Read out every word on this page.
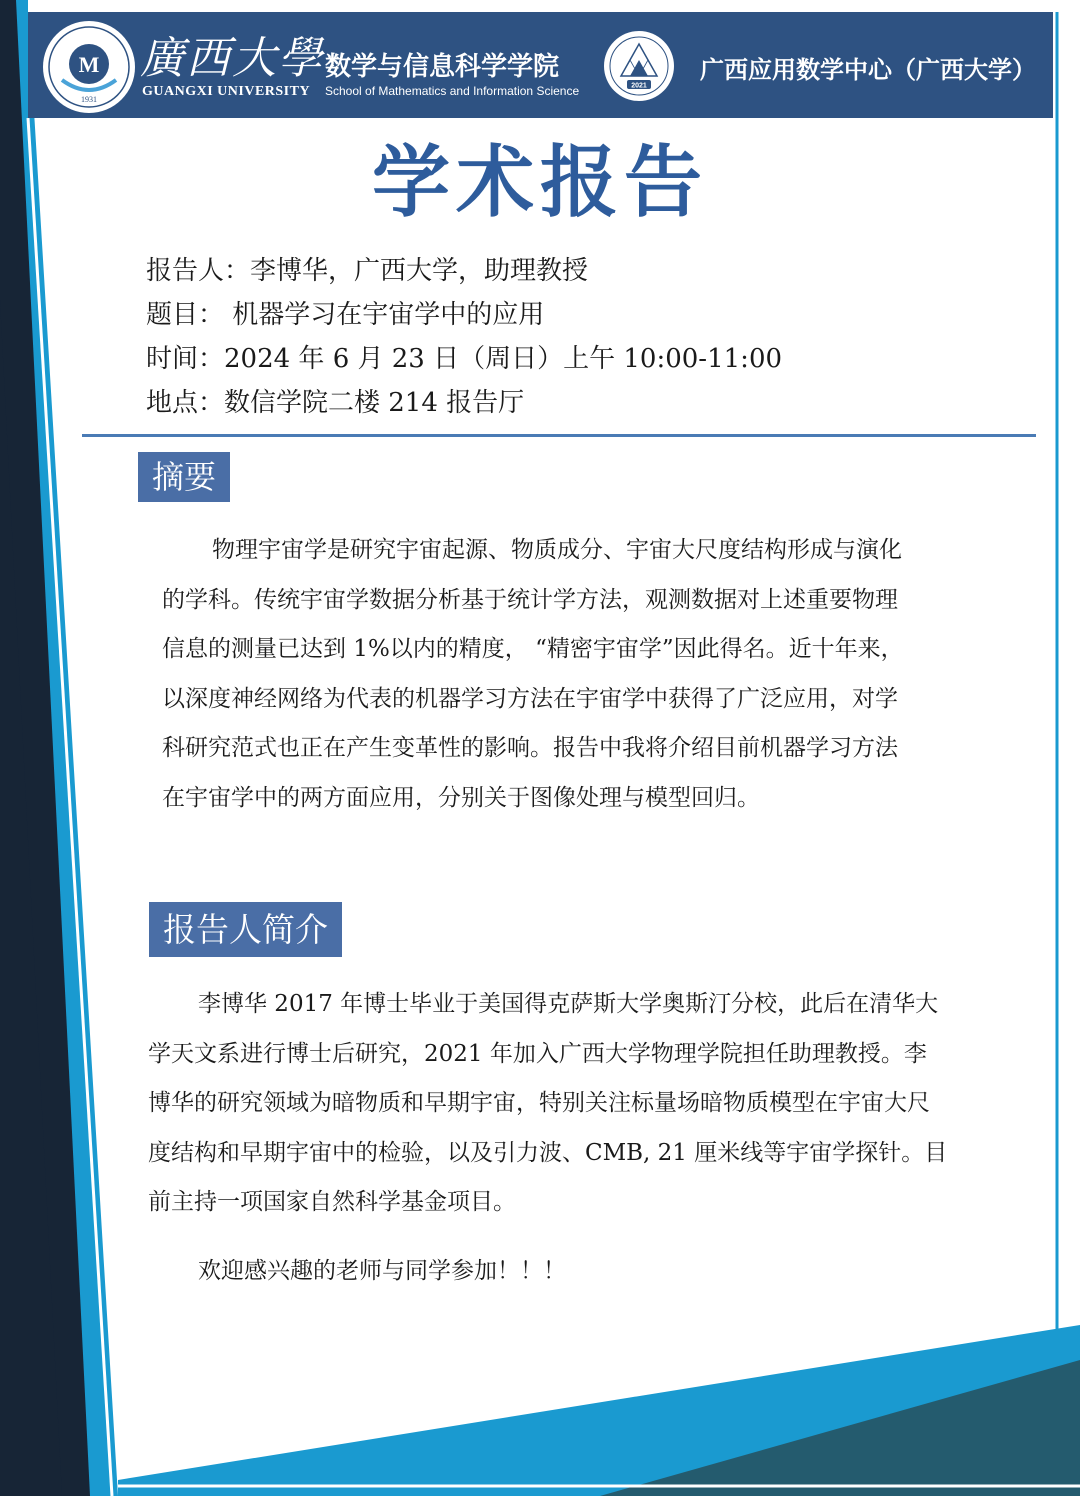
M
1931
廣西大學
GUANGXI UNIVERSITY
数学与信息科学学院
School of Mathematics and Information Science	2021
广西应用数学中心（广西大学）
学术报告
报告人：李博华，广西大学，助理教授
题目： 机器学习在宇宙学中的应用
时间：2024 年 6 月 23 日（周日）上午 10:00-11:00
地点：数信学院二楼 214 报告厅
摘要

物理宇宙学是研究宇宙起源、物质成分、宇宙大尺度结构形成与演化

的学科。传统宇宙学数据分析基于统计学方法，观测数据对上述重要物理

信息的测量已达到 1%以内的精度， “精密宇宙学”因此得名。近十年来，

以深度神经网络为代表的机器学习方法在宇宙学中获得了广泛应用，对学

科研究范式也正在产生变革性的影响。报告中我将介绍目前机器学习方法

在宇宙学中的两方面应用，分别关于图像处理与模型回归。

报告人简介

李博华 2017 年博士毕业于美国得克萨斯大学奥斯汀分校，此后在清华大

学天文系进行博士后研究，2021 年加入广西大学物理学院担任助理教授。李

博华的研究领域为暗物质和早期宇宙，特别关注标量场暗物质模型在宇宙大尺

度结构和早期宇宙中的检验，以及引力波、CMB, 21 厘米线等宇宙学探针。目

前主持一项国家自然科学基金项目。

欢迎感兴趣的老师与同学参加！！！
